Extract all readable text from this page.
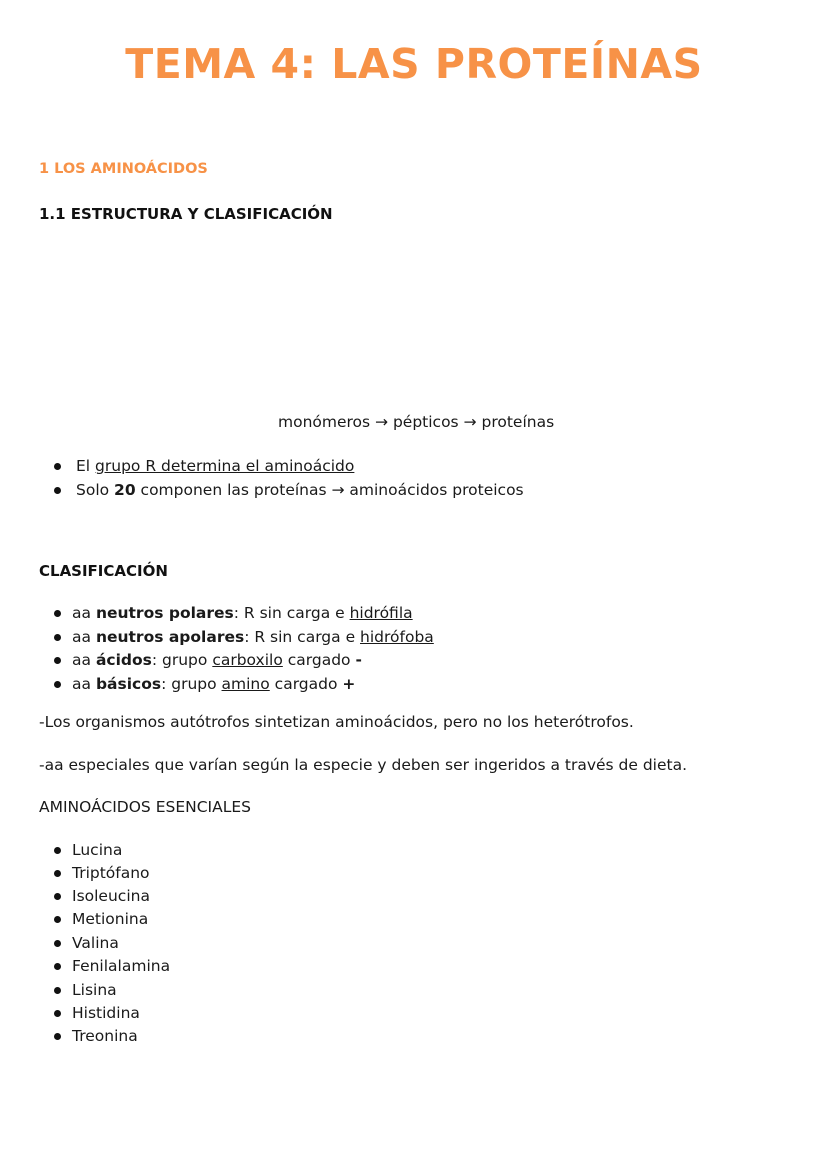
TEMA 4: LAS PROTEÍNAS
1 LOS AMINOÁCIDOS
1.1 ESTRUCTURA Y CLASIFICACIÓN

monómeros → pépticos → proteínas

El grupo R determina el aminoácido
Solo 20 componen las proteínas → aminoácidos proteicos
CLASIFICACIÓN
aa neutros polares: R sin carga e hidrófila
aa neutros apolares: R sin carga e hidrófoba
aa ácidos: grupo carboxilo cargado -
aa básicos: grupo amino cargado +

-Los organismos autótrofos sintetizan aminoácidos, pero no los heterótrofos.

-aa especiales que varían según la especie y deben ser ingeridos a través de dieta.

AMINOÁCIDOS ESENCIALES

Lucina
Triptófano
Isoleucina
Metionina
Valina
Fenilalamina
Lisina
Histidina
Treonina
